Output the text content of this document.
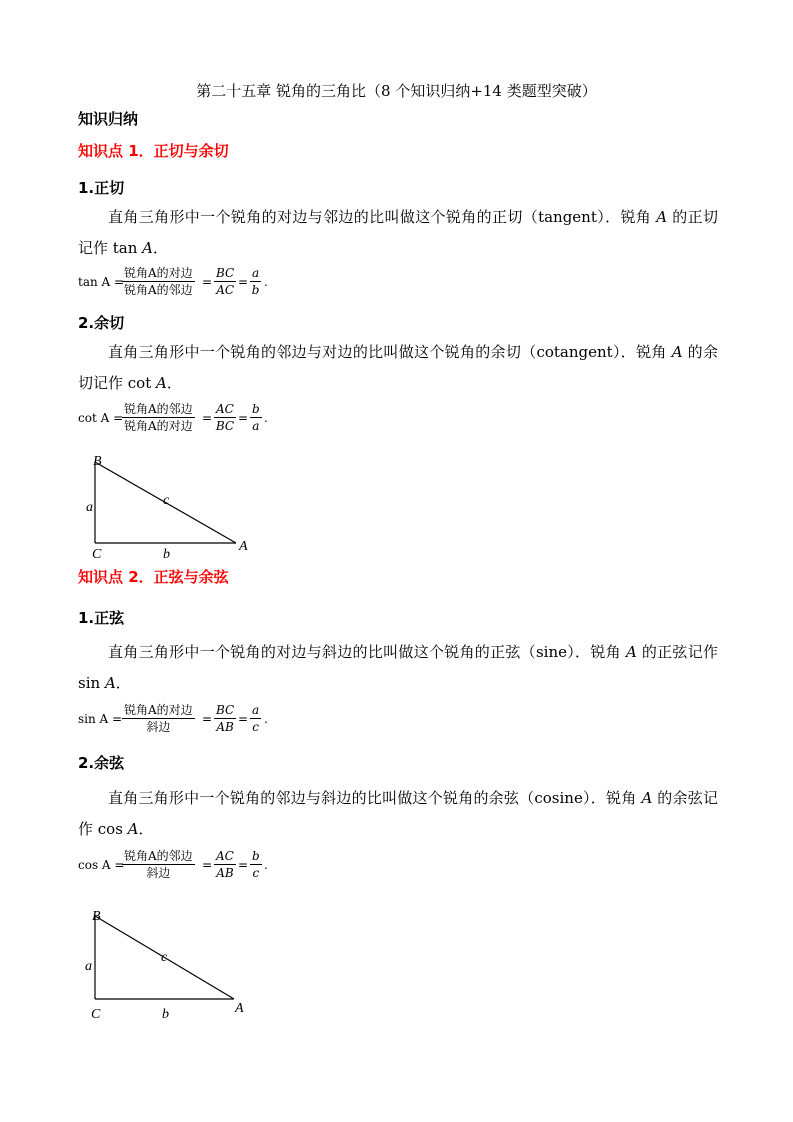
第二十五章 锐角的三角比（8 个知识归纳+14 类题型突破）
知识归纳
知识点 1．正切与余切
1.正切
直角三角形中一个锐角的对边与邻边的比叫做这个锐角的正切（tangent）．锐角 A 的正切记作 tan A．
tan A =
锐角A的对边
锐角A的邻边
= $\frac{BC}{AC} = \frac{a}{b}$ .
2.余切
直角三角形中一个锐角的邻边与对边的比叫做这个锐角的余切（cotangent）．锐角 A 的余切记作 cot A．
cot A =
锐角A的邻边
锐角A的对边
= $\frac{AC}{BC} = \frac{b}{a}$ .
B
a	c
C	b
A
知识点 2．正弦与余弦
1.正弦
直角三角形中一个锐角的对边与斜边的比叫做这个锐角的正弦（sine）．锐角 A 的正弦记作 sin A．
sin A =
锐角A的对边
斜边
= $\frac{BC}{AB} = \frac{a}{c}$ .
2.余弦
直角三角形中一个锐角的邻边与斜边的比叫做这个锐角的余弦（cosine）．锐角 A 的余弦记作 cos A．
cos A =
锐角A的邻边
斜边
= $\frac{AC}{AB} = \frac{b}{c}$ .
B
a
c
C	b	A
